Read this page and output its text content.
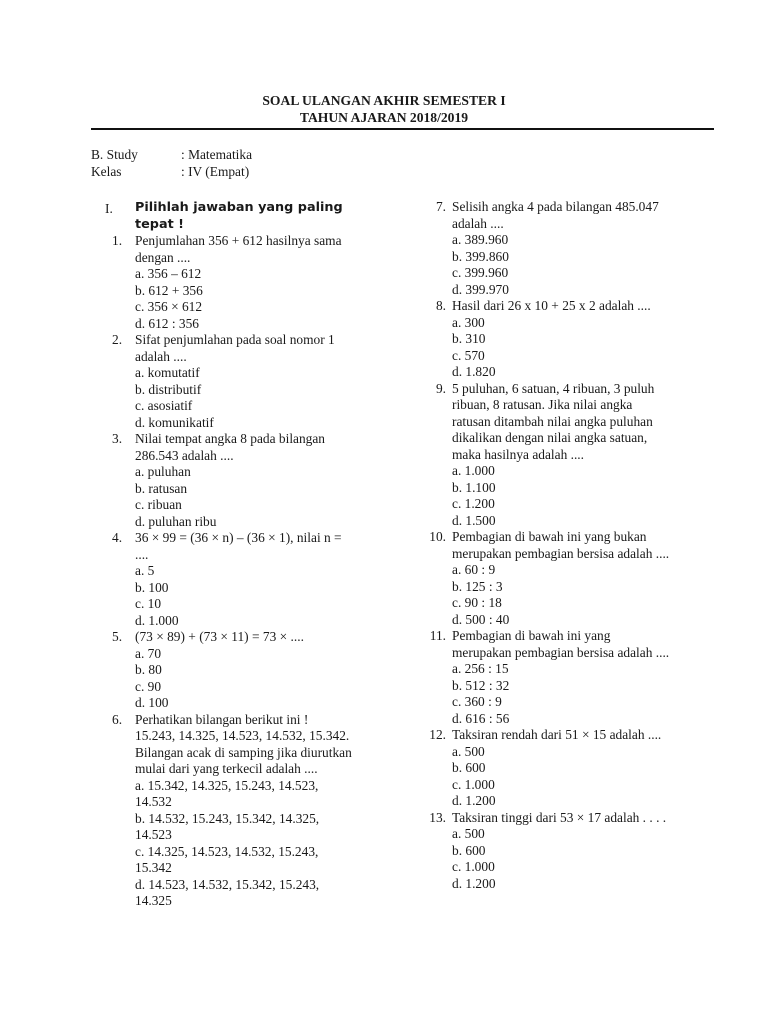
SOAL ULANGAN AKHIR SEMESTER I
TAHUN AJARAN 2018/2019
B. Study	: Matematika
Kelas	: IV (Empat)
I.	Pilihlah jawaban yang paling tepat !
1. Penjumlahan 356 + 612 hasilnya sama
dengan ....
a. 356 – 612
b. 612 + 356
c. 356 × 612
d. 612 : 356
2. Sifat penjumlahan pada soal nomor 1
adalah ....
a. komutatif
b. distributif
c. asosiatif
d. komunikatif
3. Nilai tempat angka 8 pada bilangan
286.543 adalah ....
a. puluhan
b. ratusan
c. ribuan
d. puluhan ribu
4. 36 × 99 = (36 × n) – (36 × 1), nilai n =
....
a. 5
b. 100
c. 10
d. 1.000
5. (73 × 89) + (73 × 11) = 73 × ....
a. 70
b. 80
c. 90
d. 100
6. Perhatikan bilangan berikut ini !
15.243, 14.325, 14.523, 14.532, 15.342.
Bilangan acak di samping jika diurutkan
mulai dari yang terkecil adalah ....
a. 15.342, 14.325, 15.243, 14.523,
14.532
b. 14.532, 15.243, 15.342, 14.325,
14.523
c. 14.325, 14.523, 14.532, 15.243,
15.342
d. 14.523, 14.532, 15.342, 15.243,
14.325
7. Selisih angka 4 pada bilangan 485.047
adalah ....
a. 389.960
b. 399.860
c. 399.960
d. 399.970
8. Hasil dari 26 x 10 + 25 x 2 adalah ....
a. 300
b. 310
c. 570
d. 1.820
9. 5 puluhan, 6 satuan, 4 ribuan, 3 puluh
ribuan, 8 ratusan. Jika nilai angka
ratusan ditambah nilai angka puluhan
dikalikan dengan nilai angka satuan,
maka hasilnya adalah ....
a. 1.000
b. 1.100
c. 1.200
d. 1.500
10. Pembagian di bawah ini yang bukan
merupakan pembagian bersisa adalah ....
a. 60 : 9
b. 125 : 3
c. 90 : 18
d. 500 : 40
11. Pembagian di bawah ini yang
merupakan pembagian bersisa adalah ....
a. 256 : 15
b. 512 : 32
c. 360 : 9
d. 616 : 56
12. Taksiran rendah dari 51 × 15 adalah ....
a. 500
b. 600
c. 1.000
d. 1.200
13. Taksiran tinggi dari 53 × 17 adalah . . . .
a. 500
b. 600
c. 1.000
d. 1.200
